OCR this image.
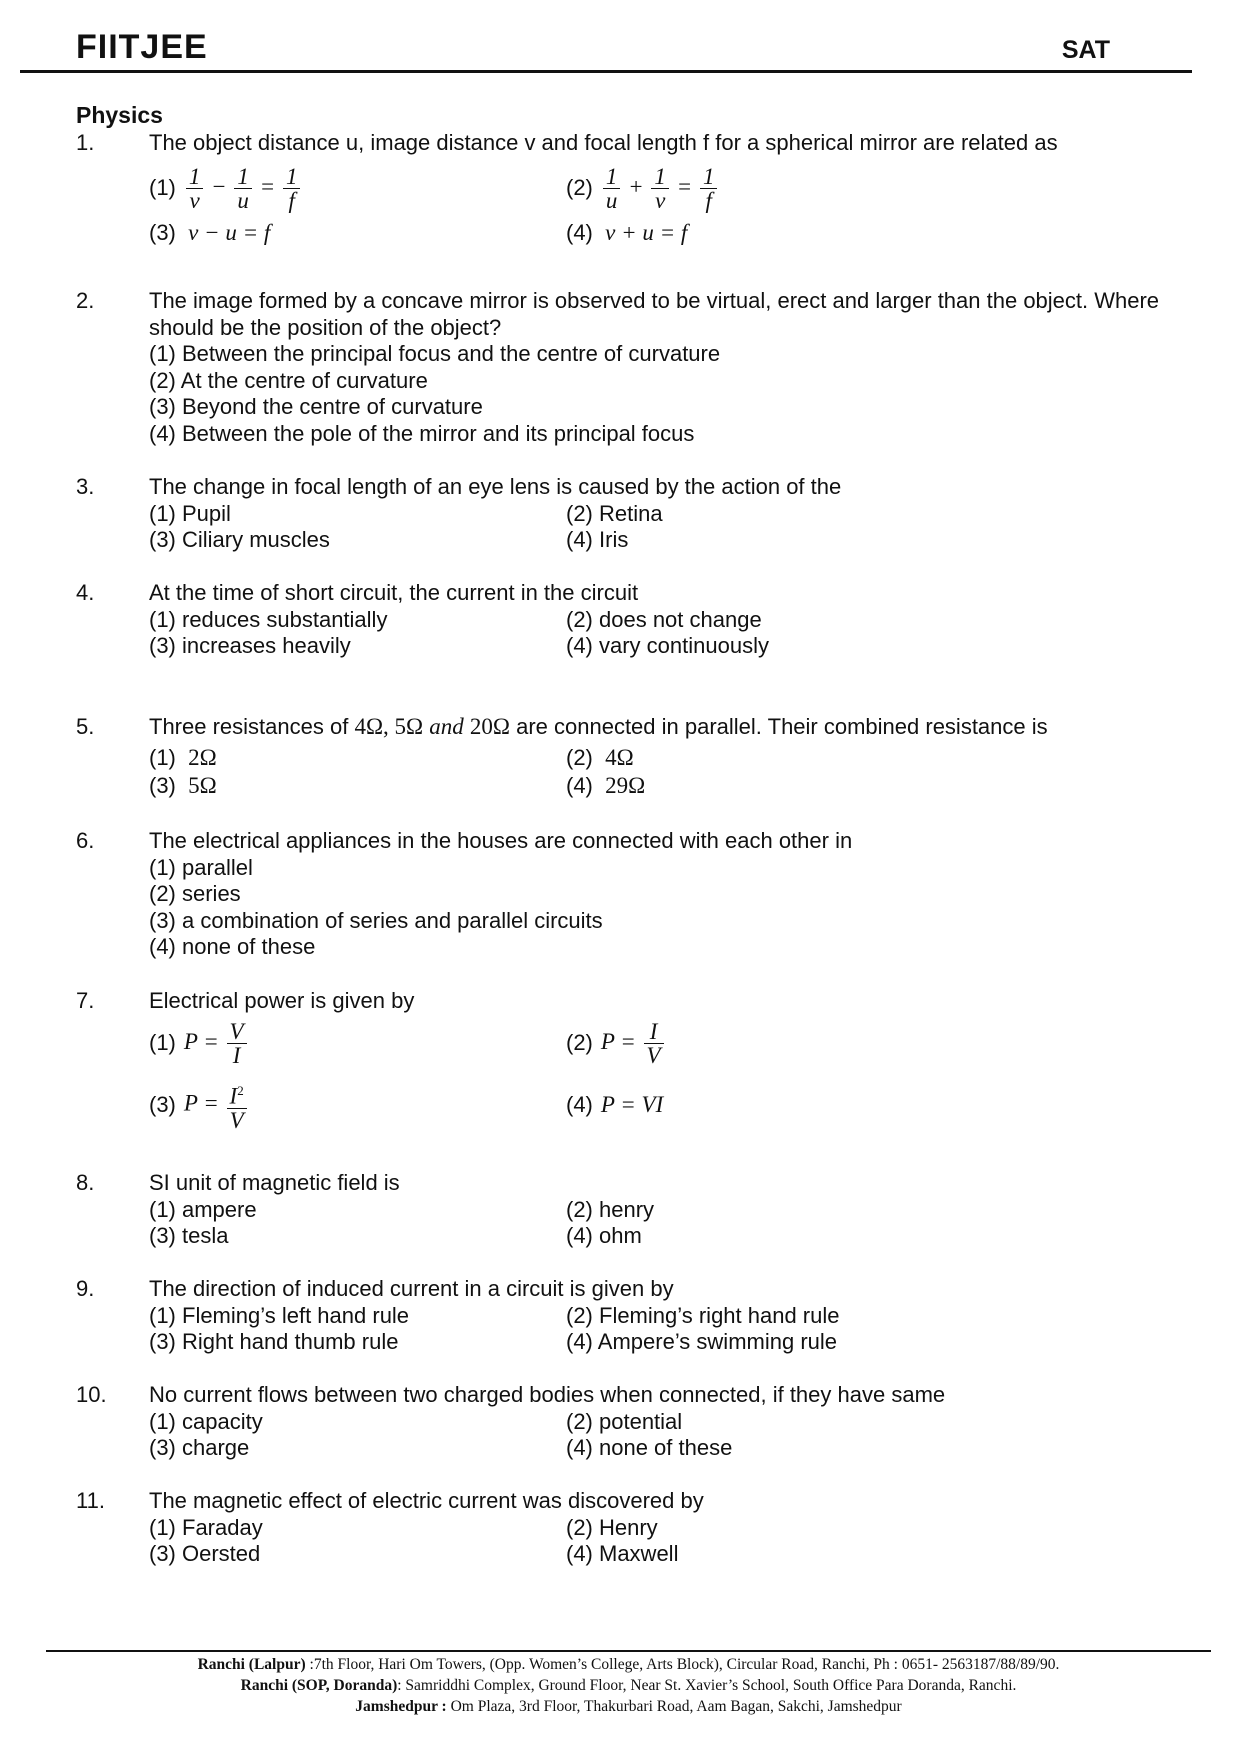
FIITJEE	SAT
Physics
1. The object distance u, image distance v and focal length f for a spherical mirror are related as
$(1) \frac{1}{v} - \frac{1}{u} = \frac{1}{f}$	$(2) \frac{1}{u} + \frac{1}{v} = \frac{1}{f}$
(3) v − u = f	(4) v + u = f
2. The image formed by a concave mirror is observed to be virtual, erect and larger than the object. Where should be the position of the object?
(1) Between the principal focus and the centre of curvature
(2) At the centre of curvature
(3) Beyond the centre of curvature
(4) Between the pole of the mirror and its principal focus
3. The change in focal length of an eye lens is caused by the action of the
(1) Pupil	(2) Retina
(3) Ciliary muscles	(4) Iris
4. At the time of short circuit, the current in the circuit
(1) reduces substantially	(2) does not change
(3) increases heavily	(4) vary continuously
5. Three resistances of 4Ω, 5Ω and 20Ω are connected in parallel. Their combined resistance is
(1) 2Ω	(2) 4Ω
(3) 5Ω	(4) 29Ω
6. The electrical appliances in the houses are connected with each other in
(1) parallel
(2) series
(3) a combination of series and parallel circuits
(4) none of these
7. Electrical power is given by
(1) $P = \frac{V}{I}$	(2) $P = \frac{I}{V}$
(3) $P = \frac{I^2}{V}$	(4) P = VI
8. SI unit of magnetic field is
(1) ampere	(2) henry
(3) tesla	(4) ohm
9. The direction of induced current in a circuit is given by
(1) Fleming’s left hand rule	(2) Fleming’s right hand rule
(3) Right hand thumb rule	(4) Ampere’s swimming rule
10. No current flows between two charged bodies when connected, if they have same
(1) capacity	(2) potential
(3) charge	(4) none of these
11. The magnetic effect of electric current was discovered by
(1) Faraday	(2) Henry
(3) Oersted	(4) Maxwell
Ranchi (Lalpur) :7th Floor, Hari Om Towers, (Opp. Women’s College, Arts Block), Circular Road, Ranchi, Ph : 0651- 2563187/88/89/90.
Ranchi (SOP, Doranda): Samriddhi Complex, Ground Floor, Near St. Xavier’s School, South Office Para Doranda, Ranchi.
Jamshedpur : Om Plaza, 3rd Floor, Thakurbari Road, Aam Bagan, Sakchi, Jamshedpur
